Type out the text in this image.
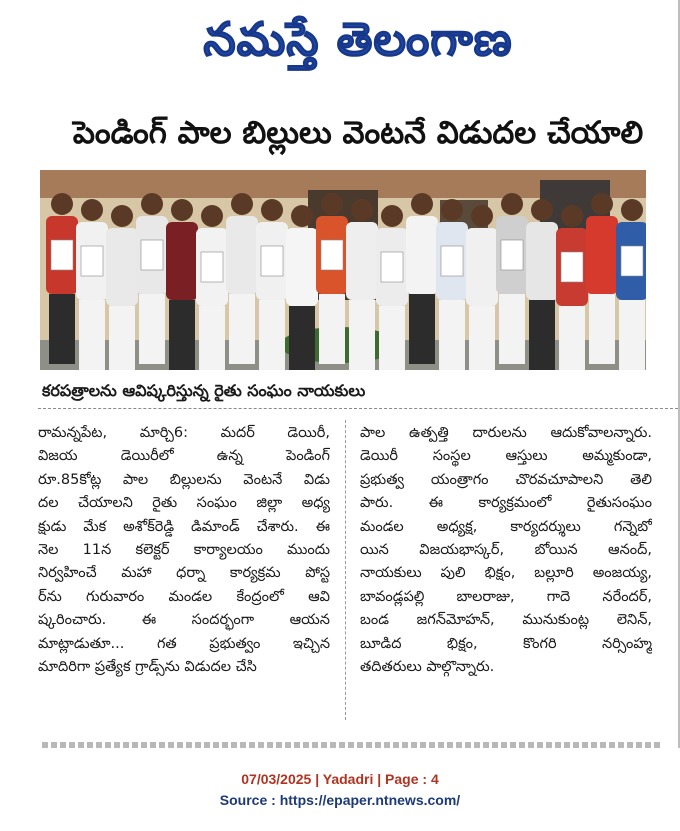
నమస్తే తెలంగాణ
పెండింగ్ పాల బిల్లులు వెంటనే విడుదల చేయాలి
కరపత్రాలను ఆవిష్కరిస్తున్న రైతు సంఘం నాయకులు
రామన్నపేట, మార్చి6: మదర్ డెయిరీ,
విజయ డెయిరీలో ఉన్న పెండింగ్
రూ.85కోట్ల పాల బిల్లులను వెంటనే విడు
దల చేయాలని రైతు సంఘం జిల్లా అధ్య
క్షుడు మేక అశోక్‌రెడ్డి డిమాండ్ చేశారు. ఈ
నెల 11న కలెక్టర్ కార్యాలయం ముందు
నిర్వహించే మహా ధర్నా కార్యక్రమ పోస్ట
ర్‌ను గురువారం మండల కేంద్రంలో ఆవి
ష్కరించారు. ఈ సందర్భంగా ఆయన
మాట్లాడుతూ... గత ప్రభుత్వం ఇచ్చిన
మాదిరిగా ప్రత్యేక గ్రాడ్స్‌ను విడుదల చేసి
పాల ఉత్పత్తి దారులను ఆదుకోవాలన్నారు.
డెయిరీ సంస్థల ఆస్తులు అమ్మకుండా,
ప్రభుత్వ యంత్రాగం చొరవచూపాలని తెలి
పారు. ఈ కార్యక్రమంలో రైతుసంఘం
మండల అధ్యక్ష, కార్యదర్శులు గన్నెబో
యిన విజయభాస్కర్, బోయిన ఆనంద్,
నాయకులు పులి భిక్షం, బల్లూరి అంజయ్య,
బావండ్లపల్లి బాలరాజు, గాదె నరేందర్,
బండ జగన్‌మోహన్, మునుకుంట్ల లెనిన్,
బూడిద భిక్షం, కొంగరి నర్సింహ్మ
తదితరులు పాల్గొన్నారు.
07/03/2025 | Yadadri | Page : 4
Source : https://epaper.ntnews.com/
